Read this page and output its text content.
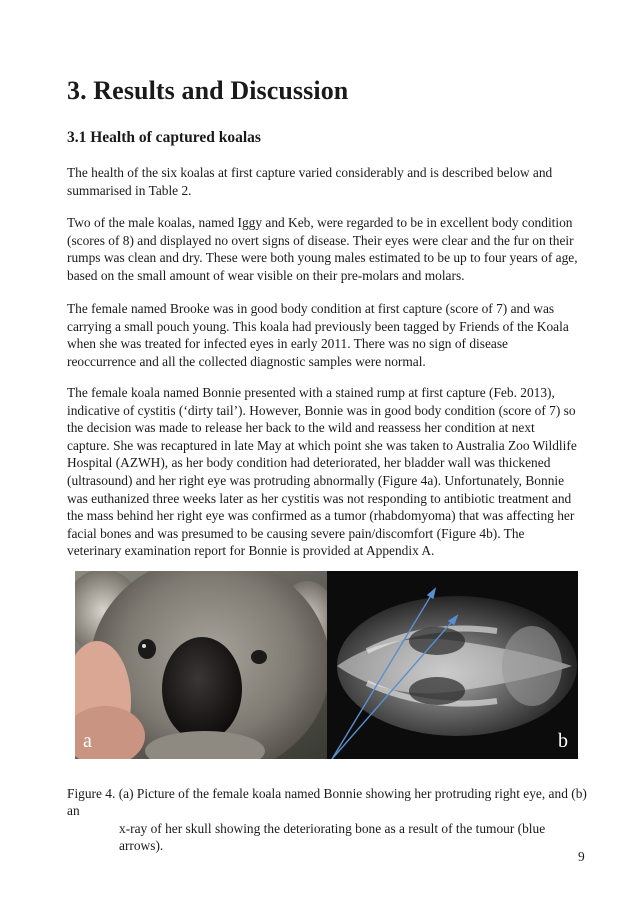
3. Results and Discussion
3.1 Health of captured koalas

The health of the six koalas at first capture varied considerably and is described below and summarised in Table 2.

Two of the male koalas, named Iggy and Keb, were regarded to be in excellent body condition (scores of 8) and displayed no overt signs of disease. Their eyes were clear and the fur on their rumps was clean and dry. These were both young males estimated to be up to four years of age, based on the small amount of wear visible on their pre-molars and molars.

The female named Brooke was in good body condition at first capture (score of 7) and was carrying a small pouch young. This koala had previously been tagged by Friends of the Koala when she was treated for infected eyes in early 2011. There was no sign of disease reoccurrence and all the collected diagnostic samples were normal.

The female koala named Bonnie presented with a stained rump at first capture (Feb. 2013), indicative of cystitis (‘dirty tail’). However, Bonnie was in good body condition (score of 7) so the decision was made to release her back to the wild and reassess her condition at next capture. She was recaptured in late May at which point she was taken to Australia Zoo Wildlife Hospital (AZWH), as her body condition had deteriorated, her bladder wall was thickened (ultrasound) and her right eye was protruding abnormally (Figure 4a). Unfortunately, Bonnie was euthanized three weeks later as her cystitis was not responding to antibiotic treatment and the mass behind her right eye was confirmed as a tumor (rhabdomyoma) that was affecting her facial bones and was presumed to be causing severe pain/discomfort (Figure 4b). The veterinary examination report for Bonnie is provided at Appendix A.

a	b

Figure 4. (a) Picture of the female koala named Bonnie showing her protruding right eye, and (b) an
x-ray of her skull showing the deteriorating bone as a result of the tumour (blue arrows).

9
